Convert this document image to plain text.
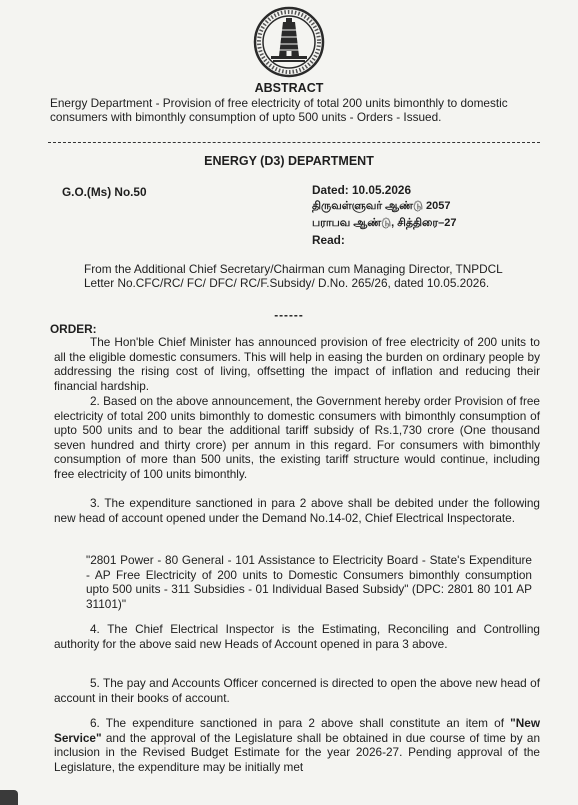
ABSTRACT
Energy Department - Provision of free electricity of total 200 units bimonthly to domestic consumers with bimonthly consumption of upto 500 units - Orders - Issued.
ENERGY (D3) DEPARTMENT
G.O.(Ms) No.50	Dated: 10.05.2026
திருவள்ளுவர் ஆண்டு 2057
பராபவ ஆண்டு, சித்திரை–27
Read:
From the Additional Chief Secretary/Chairman cum Managing Director, TNPDCL Letter No.CFC/RC/ FC/ DFC/ RC/F.Subsidy/ D.No. 265/26, dated 10.05.2026.
------
ORDER:
The Hon'ble Chief Minister has announced provision of free electricity of 200 units to all the eligible domestic consumers. This will help in easing the burden on ordinary people by addressing the rising cost of living, offsetting the impact of inflation and reducing their financial hardship.
2. Based on the above announcement, the Government hereby order Provision of free electricity of total 200 units bimonthly to domestic consumers with bimonthly consumption of upto 500 units and to bear the additional tariff subsidy of Rs.1,730 crore (One thousand seven hundred and thirty crore) per annum in this regard. For consumers with bimonthly consumption of more than 500 units, the existing tariff structure would continue, including free electricity of 100 units bimonthly.
3. The expenditure sanctioned in para 2 above shall be debited under the following new head of account opened under the Demand No.14-02, Chief Electrical Inspectorate.
"2801 Power - 80 General - 101 Assistance to Electricity Board - State's Expenditure - AP Free Electricity of 200 units to Domestic Consumers bimonthly consumption upto 500 units - 311 Subsidies - 01 Individual Based Subsidy" (DPC: 2801 80 101 AP 31101)"
4. The Chief Electrical Inspector is the Estimating, Reconciling and Controlling authority for the above said new Heads of Account opened in para 3 above.
5. The pay and Accounts Officer concerned is directed to open the above new head of account in their books of account.
6. The expenditure sanctioned in para 2 above shall constitute an item of "New Service" and the approval of the Legislature shall be obtained in due course of time by an inclusion in the Revised Budget Estimate for the year 2026-27. Pending approval of the Legislature, the expenditure may be initially met
